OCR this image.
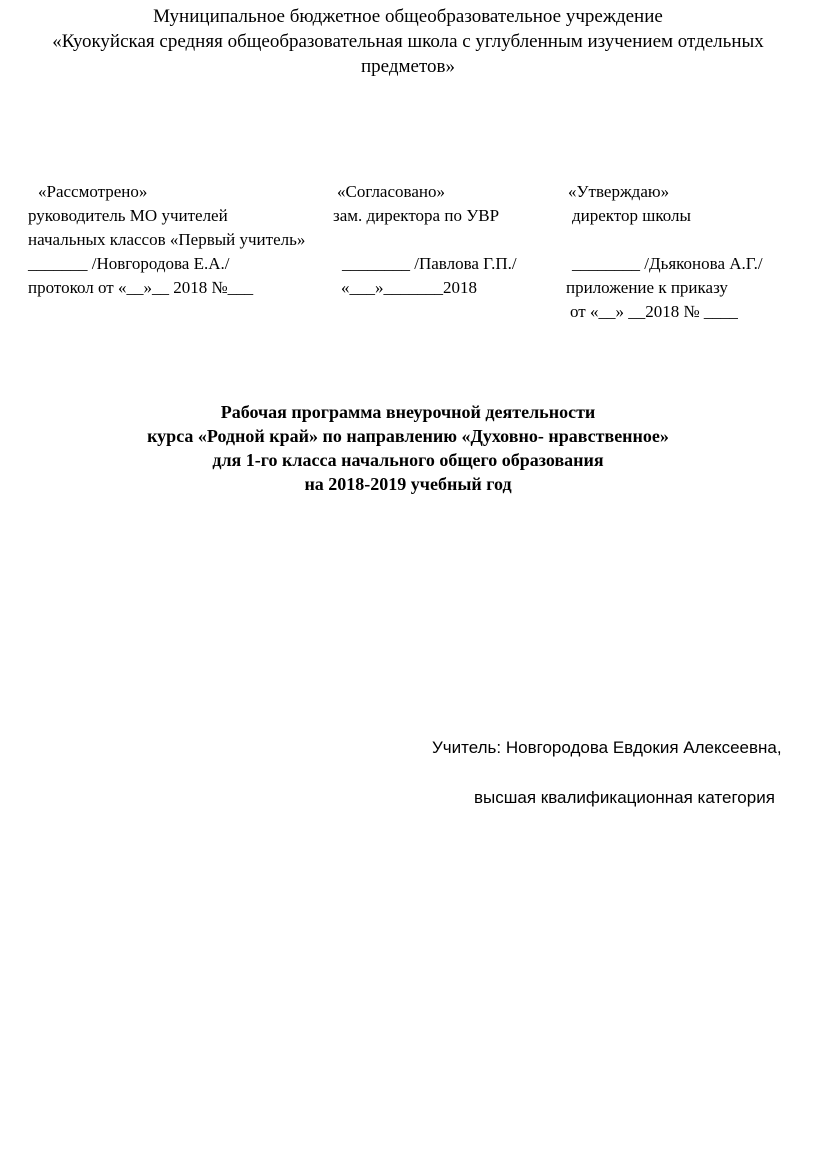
Муниципальное бюджетное общеобразовательное учреждение
«Куокуйская средняя общеобразовательная школа с углубленным изучением отдельных
предметов»
«Рассмотрено»
руководитель МО учителей
начальных классов «Первый учитель»
_______ /Новгородова Е.А./
протокол от «__»__ 2018 №___
«Согласовано»
зам. директора по УВР
________ /Павлова Г.П./
«___»_______2018
«Утверждаю»
директор школы
________ /Дьяконова А.Г./
приложение к приказу
от «__» __2018 № ____
Рабочая программа внеурочной деятельности
курса «Родной край» по направлению «Духовно- нравственное»
для 1-го класса начального общего образования
на 2018-2019 учебный год
Учитель: Новгородова Евдокия Алексеевна,
высшая квалификационная категория
